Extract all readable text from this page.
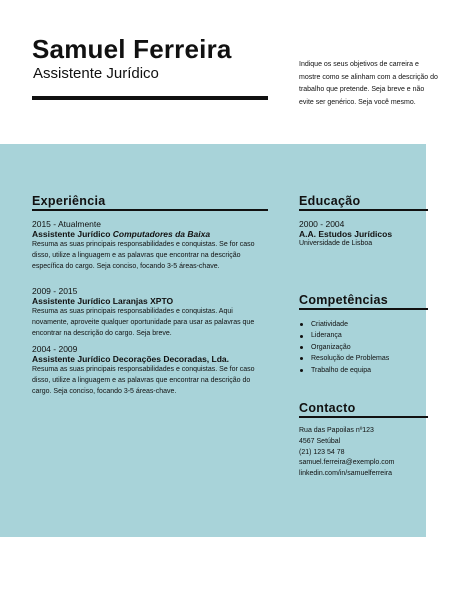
Samuel Ferreira

Assistente Jurídico

Indique os seus objetivos de carreira e mostre como se alinham com a descrição do trabalho que pretende. Seja breve e não evite ser genérico. Seja você mesmo.

Experiência
2015 - Atualmente
Assistente Jurídico Computadores da Baixa
Resuma as suas principais responsabilidades e conquistas. Se for caso disso, utilize a linguagem e as palavras que encontrar na descrição específica do cargo. Seja conciso, focando 3-5 áreas-chave.
2009 - 2015
Assistente Jurídico Laranjas XPTO
Resuma as suas principais responsabilidades e conquistas. Aqui novamente, aproveite qualquer oportunidade para usar as palavras que encontrar na descrição do cargo. Seja breve.
2004 - 2009
Assistente Jurídico Decorações Decoradas, Lda.
Resuma as suas principais responsabilidades e conquistas. Se for caso disso, utilize a linguagem e as palavras que encontrar na descrição do cargo. Seja conciso, focando 3-5 áreas-chave.
Educação
2000 - 2004
A.A. Estudos Jurídicos
Universidade de Lisboa
Competências
Criatividade
Liderança
Organização
Resolução de Problemas
Trabalho de equipa
Contacto
Rua das Papoilas nº123
4567 Setúbal
(21) 123 54 78
samuel.ferreira@exemplo.com
linkedin.com/in/samuelferreira
